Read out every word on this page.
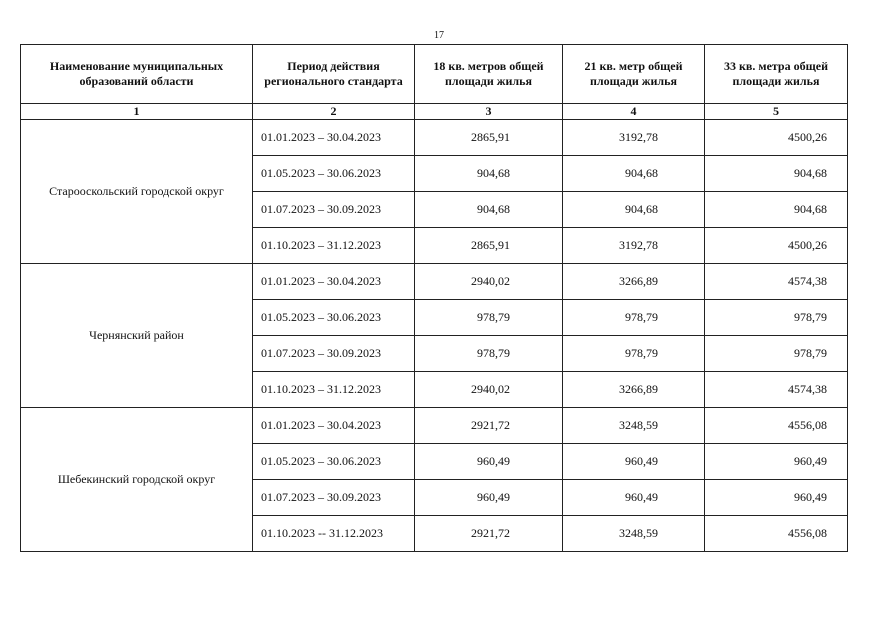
17
Наименование муниципальных образований области	Период действия регионального стандарта	18 кв. метров общей площади жилья	21 кв. метр общей площади жилья	33 кв. метра общей площади жилья
1	2	3	4	5
Старооскольский городской округ	01.01.2023 – 30.04.2023	2865,91	3192,78	4500,26
	01.05.2023 – 30.06.2023	904,68	904,68	904,68
	01.07.2023 – 30.09.2023	904,68	904,68	904,68
	01.10.2023 – 31.12.2023	2865,91	3192,78	4500,26
Чернянский район	01.01.2023 – 30.04.2023	2940,02	3266,89	4574,38
	01.05.2023 – 30.06.2023	978,79	978,79	978,79
	01.07.2023 – 30.09.2023	978,79	978,79	978,79
	01.10.2023 – 31.12.2023	2940,02	3266,89	4574,38
Шебекинский городской округ	01.01.2023 – 30.04.2023	2921,72	3248,59	4556,08
	01.05.2023 – 30.06.2023	960,49	960,49	960,49
	01.07.2023 – 30.09.2023	960,49	960,49	960,49
	01.10.2023 -- 31.12.2023	2921,72	3248,59	4556,08
